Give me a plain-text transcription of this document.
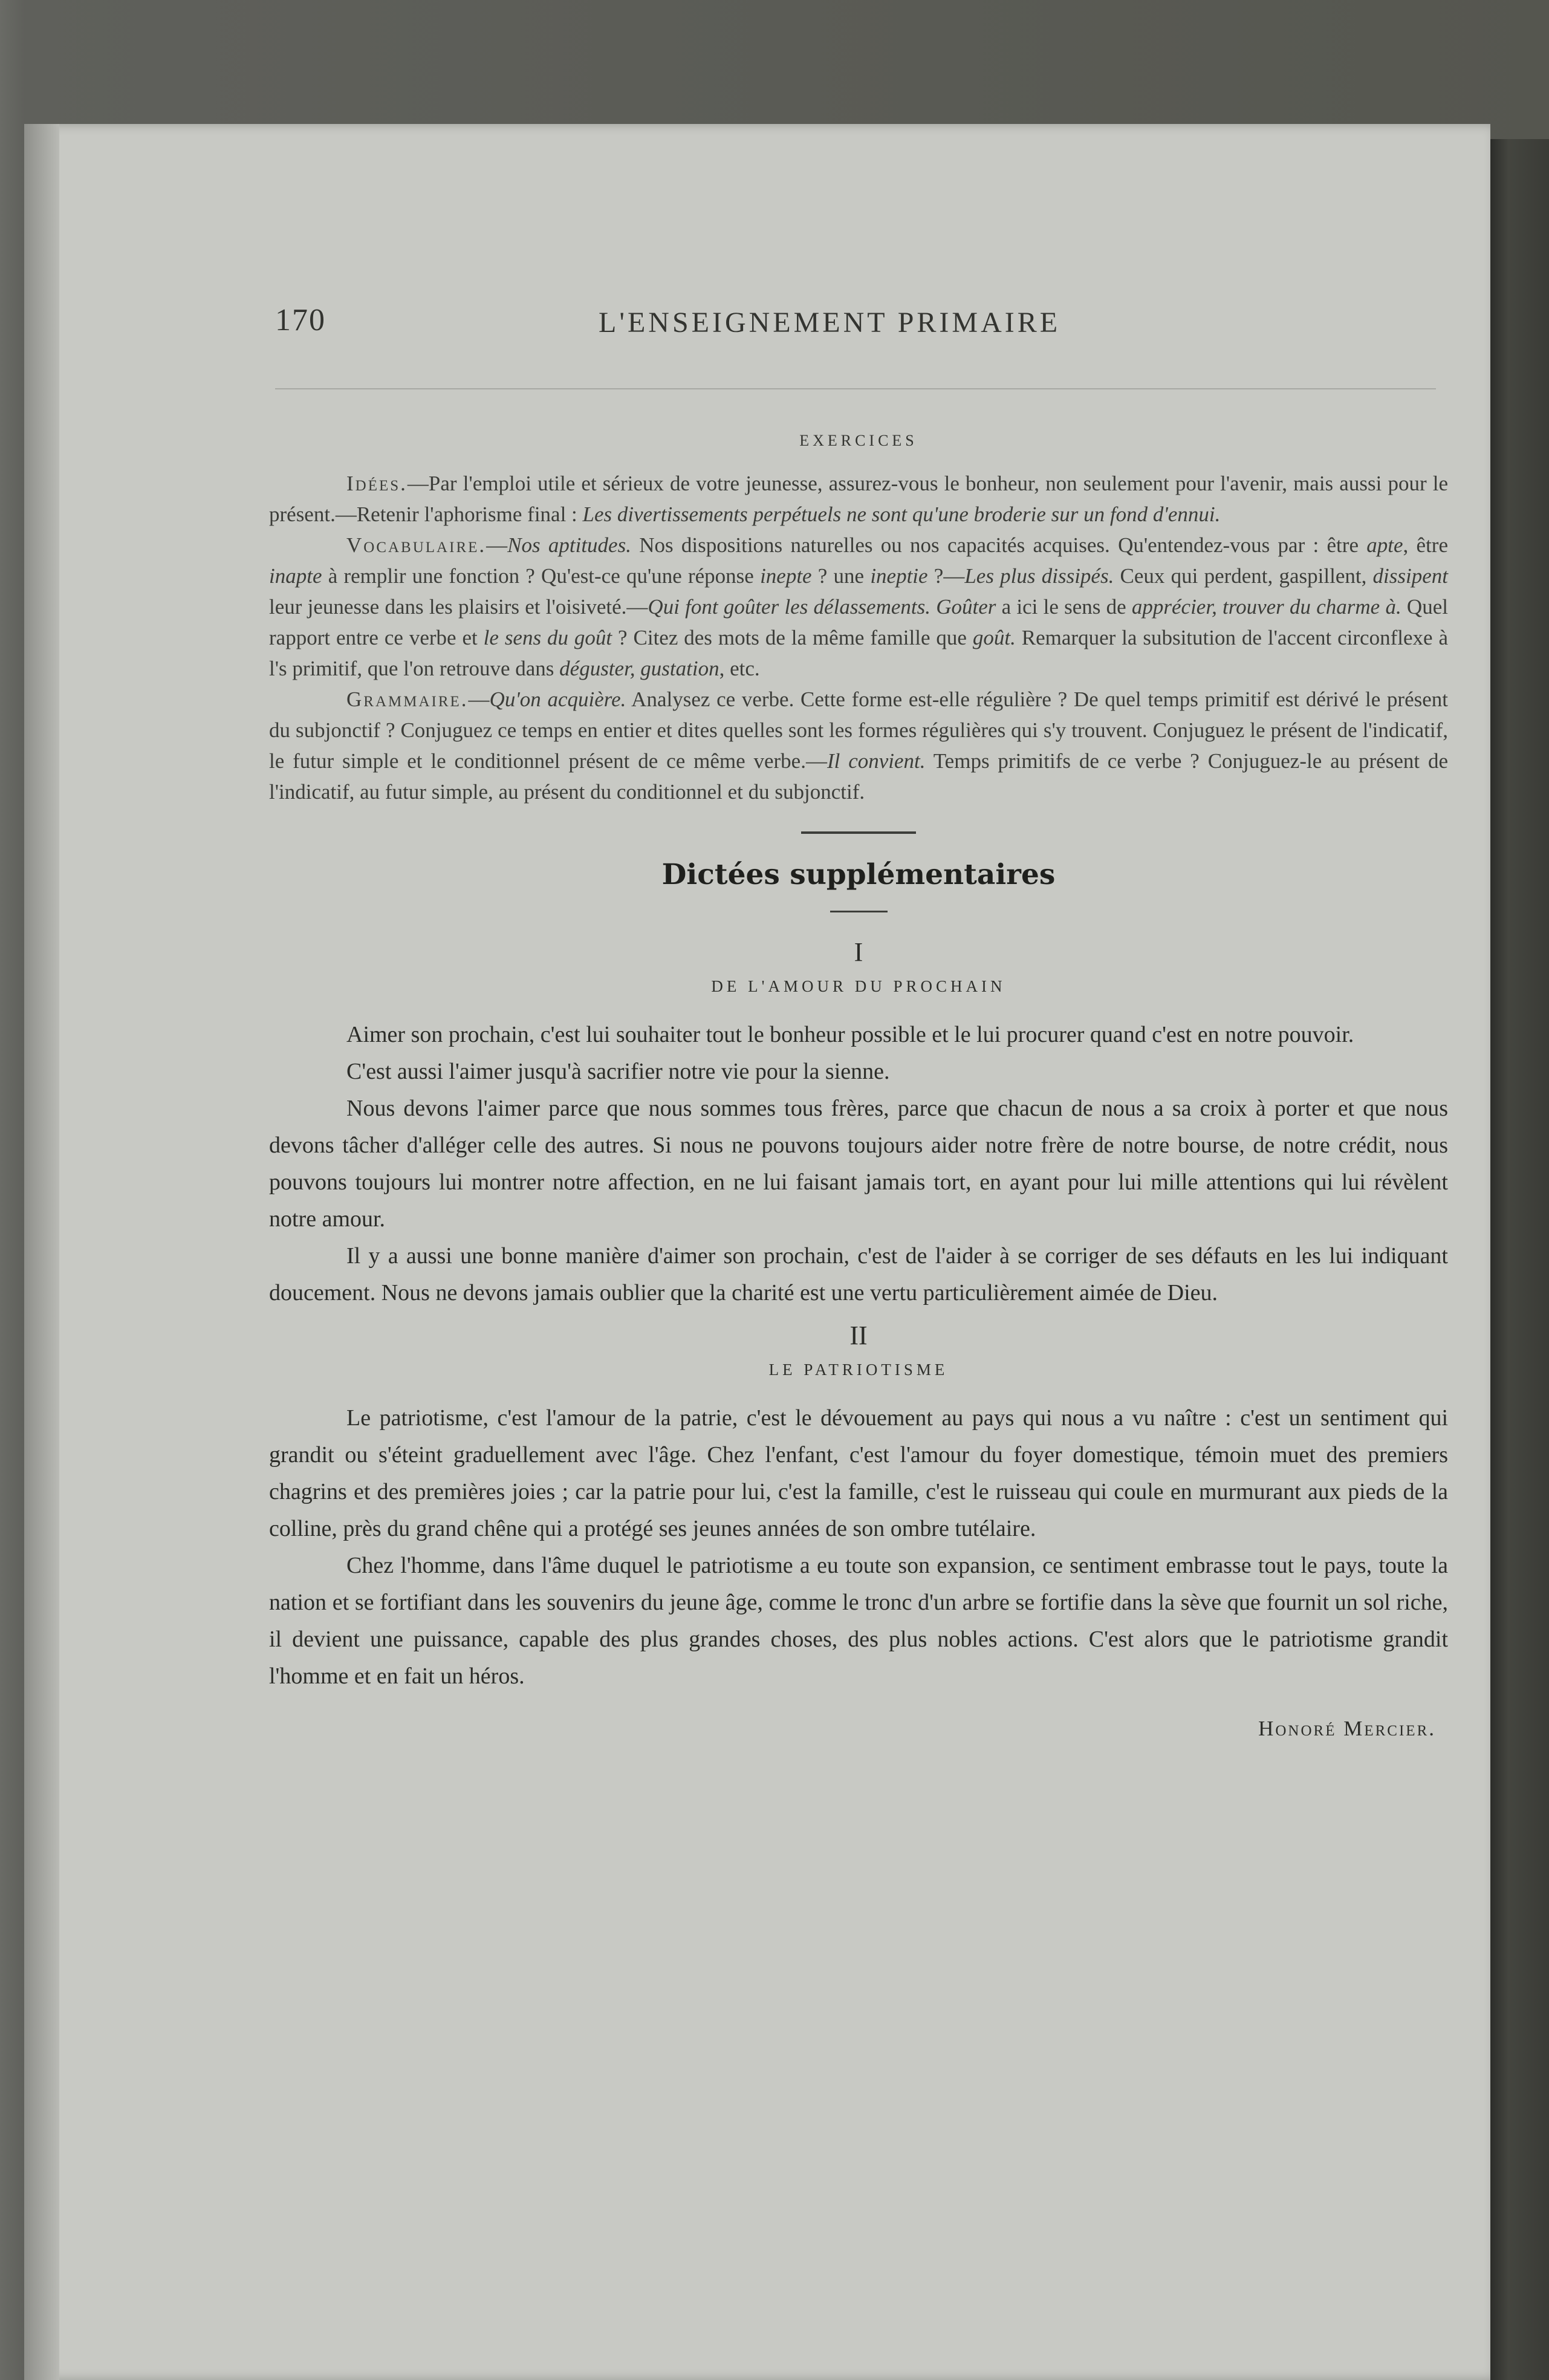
170	L'ENSEIGNEMENT PRIMAIRE
EXERCICES

Idées.—Par l'emploi utile et sérieux de votre jeunesse, assurez-vous le bonheur, non seulement pour l'avenir, mais aussi pour le présent.—Retenir l'aphorisme final : Les divertissements perpétuels ne sont qu'une broderie sur un fond d'ennui.

Vocabulaire.—Nos aptitudes. Nos dispositions naturelles ou nos capacités acquises. Qu'entendez-vous par : être apte, être inapte à remplir une fonction ? Qu'est-ce qu'une réponse inepte ? une ineptie ?—Les plus dissipés. Ceux qui perdent, gaspillent, dissipent leur jeunesse dans les plaisirs et l'oisiveté.—Qui font goûter les délassements. Goûter a ici le sens de apprécier, trouver du charme à. Quel rapport entre ce verbe et le sens du goût ? Citez des mots de la même famille que goût. Remarquer la subsitution de l'accent circonflexe à l's primitif, que l'on retrouve dans déguster, gustation, etc.

Grammaire.—Qu'on acquière. Analysez ce verbe. Cette forme est-elle régulière ? De quel temps primitif est dérivé le présent du subjonctif ? Conjuguez ce temps en entier et dites quelles sont les formes régulières qui s'y trouvent. Conjuguez le présent de l'indicatif, le futur simple et le conditionnel présent de ce même verbe.—Il convient. Temps primitifs de ce verbe ? Conjuguez-le au présent de l'indicatif, au futur simple, au présent du conditionnel et du subjonctif.

Dictées supplémentaires
I
DE L'AMOUR DU PROCHAIN

Aimer son prochain, c'est lui souhaiter tout le bonheur possible et le lui procurer quand c'est en notre pouvoir.

C'est aussi l'aimer jusqu'à sacrifier notre vie pour la sienne.

Nous devons l'aimer parce que nous sommes tous frères, parce que chacun de nous a sa croix à porter et que nous devons tâcher d'alléger celle des autres. Si nous ne pouvons toujours aider notre frère de notre bourse, de notre crédit, nous pouvons toujours lui montrer notre affection, en ne lui faisant jamais tort, en ayant pour lui mille attentions qui lui révèlent notre amour.

Il y a aussi une bonne manière d'aimer son prochain, c'est de l'aider à se corriger de ses défauts en les lui indiquant doucement. Nous ne devons jamais oublier que la charité est une vertu particulièrement aimée de Dieu.

II
LE PATRIOTISME

Le patriotisme, c'est l'amour de la patrie, c'est le dévouement au pays qui nous a vu naître : c'est un sentiment qui grandit ou s'éteint graduellement avec l'âge. Chez l'enfant, c'est l'amour du foyer domestique, témoin muet des premiers chagrins et des premières joies ; car la patrie pour lui, c'est la famille, c'est le ruisseau qui coule en murmurant aux pieds de la colline, près du grand chêne qui a protégé ses jeunes années de son ombre tutélaire.

Chez l'homme, dans l'âme duquel le patriotisme a eu toute son expansion, ce sentiment embrasse tout le pays, toute la nation et se fortifiant dans les souvenirs du jeune âge, comme le tronc d'un arbre se fortifie dans la sève que fournit un sol riche, il devient une puissance, capable des plus grandes choses, des plus nobles actions. C'est alors que le patriotisme grandit l'homme et en fait un héros.

Honoré Mercier.
